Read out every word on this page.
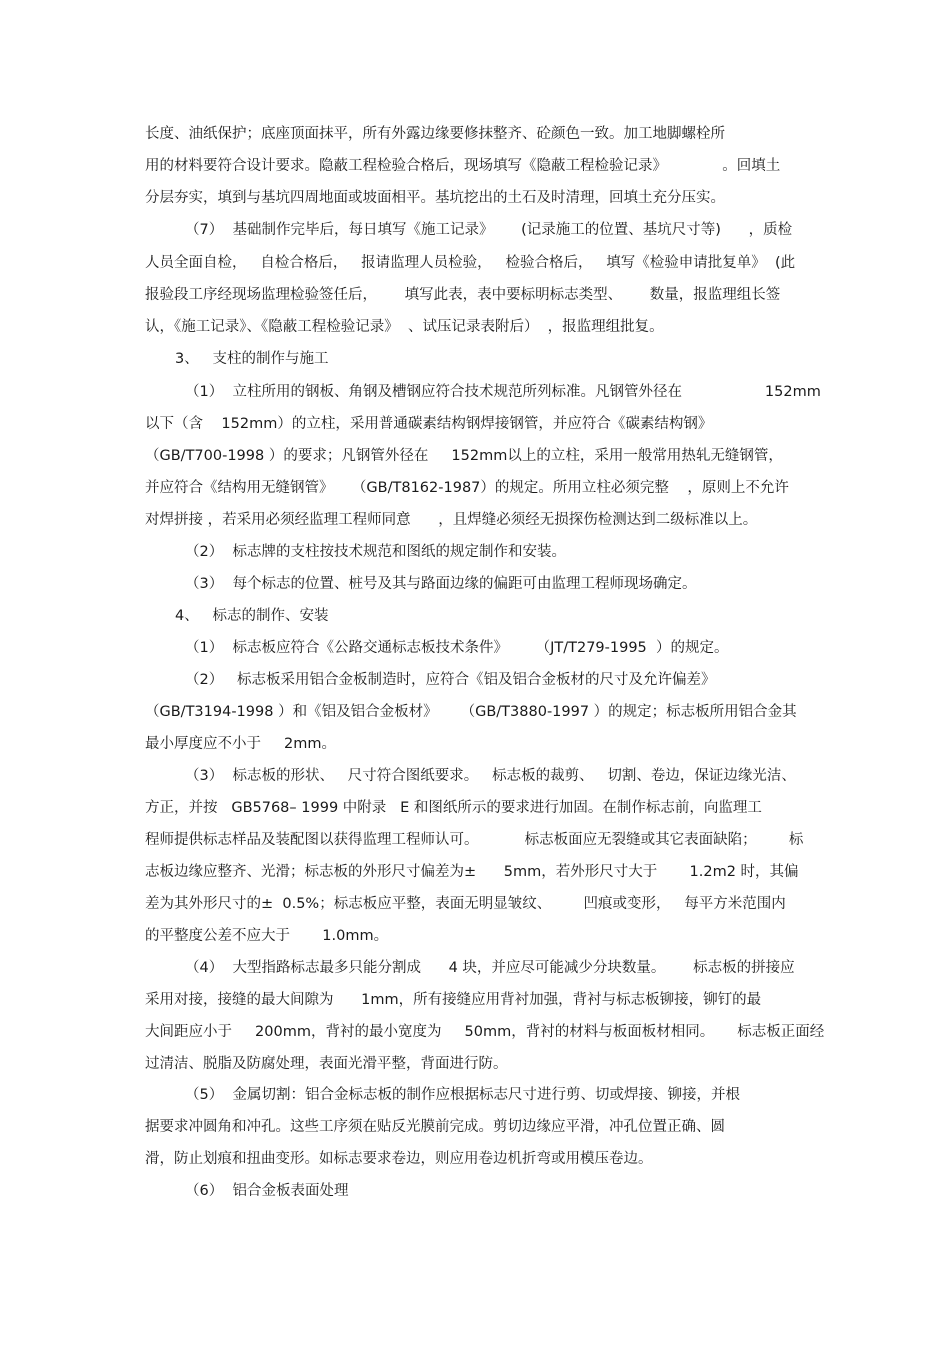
长度、油纸保护；底座顶面抹平，所有外露边缘要修抹整齐、砼颜色一致。加工地脚螺栓所
用的材料要符合设计要求。隐蔽工程检验合格后，现场填写《隐蔽工程检验记录》            。回填土
分层夯实，填到与基坑四周地面或坡面相平。基坑挖出的土石及时清理，回填土充分压实。
（7）  基础制作完毕后，每日填写《施工记录》      (记录施工的位置、基坑尺寸等)      ，质检
人员全面自检，   自检合格后，   报请监理人员检验，   检验合格后，   填写《检验申请批复单》  (此
报验段工序经现场监理检验签任后，      填写此表，表中要标明标志类型、      数量，报监理组长签
认，《施工记录》、《隐蔽工程检验记录》  、试压记录表附后）  ，报监理组批复。
3、   支柱的制作与施工
（1）  立柱所用的钢板、角钢及槽钢应符合技术规范所列标准。凡钢管外径在                  152mm
以下（含    152mm）的立柱，采用普通碳素结构钢焊接钢管，并应符合《碳素结构钢》
（GB/T700-1998 ）的要求；凡钢管外径在     152mm以上的立柱，采用一般常用热轧无缝钢管，
并应符合《结构用无缝钢管》    （GB/T8162-1987）的规定。所用立柱必须完整    ，原则上不允许
对焊拼接 ，若采用必须经监理工程师同意      ，且焊缝必须经无损探伤检测达到二级标准以上。
（2）  标志牌的支柱按技术规范和图纸的规定制作和安装。
（3）  每个标志的位置、桩号及其与路面边缘的偏距可由监理工程师现场确定。
4、   标志的制作、安装
（1）  标志板应符合《公路交通标志板技术条件》      （JT/T279-1995  ）的规定。
（2）   标志板采用铝合金板制造时，应符合《铝及铝合金板材的尺寸及允许偏差》
（GB/T3194-1998 ）和《铝及铝合金板材》     （GB/T3880-1997 ）的规定；标志板所用铝合金其
最小厚度应不小于     2mm。
（3）  标志板的形状、   尺寸符合图纸要求。   标志板的裁剪、   切割、卷边，保证边缘光洁、
方正，并按   GB5768– 1999 中附录   E 和图纸所示的要求进行加固。在制作标志前，向监理工
程师提供标志样品及装配图以获得监理工程师认可。          标志板面应无裂缝或其它表面缺陷；       标
志板边缘应整齐、光滑；标志板的外形尺寸偏差为±      5mm，若外形尺寸大于       1.2m2 时，其偏
差为其外形尺寸的±  0.5%；标志板应平整，表面无明显皱纹、       凹痕或变形，   每平方米范围内
的平整度公差不应大于       1.0mm。
（4）  大型指路标志最多只能分割成      4 块，并应尽可能减少分块数量。      标志板的拼接应
采用对接，接缝的最大间隙为      1mm，所有接缝应用背衬加强，背衬与标志板铆接，铆钉的最
大间距应小于     200mm，背衬的最小宽度为     50mm，背衬的材料与板面板材相同。     标志板正面经
过清洁、脱脂及防腐处理，表面光滑平整，背面进行防。
（5）  金属切割：铝合金标志板的制作应根据标志尺寸进行剪、切或焊接、铆接，并根
据要求冲圆角和冲孔。这些工序须在贴反光膜前完成。剪切边缘应平滑，冲孔位置正确、圆
滑，防止划痕和扭曲变形。如标志要求卷边，则应用卷边机折弯或用模压卷边。
（6）  铝合金板表面处理
